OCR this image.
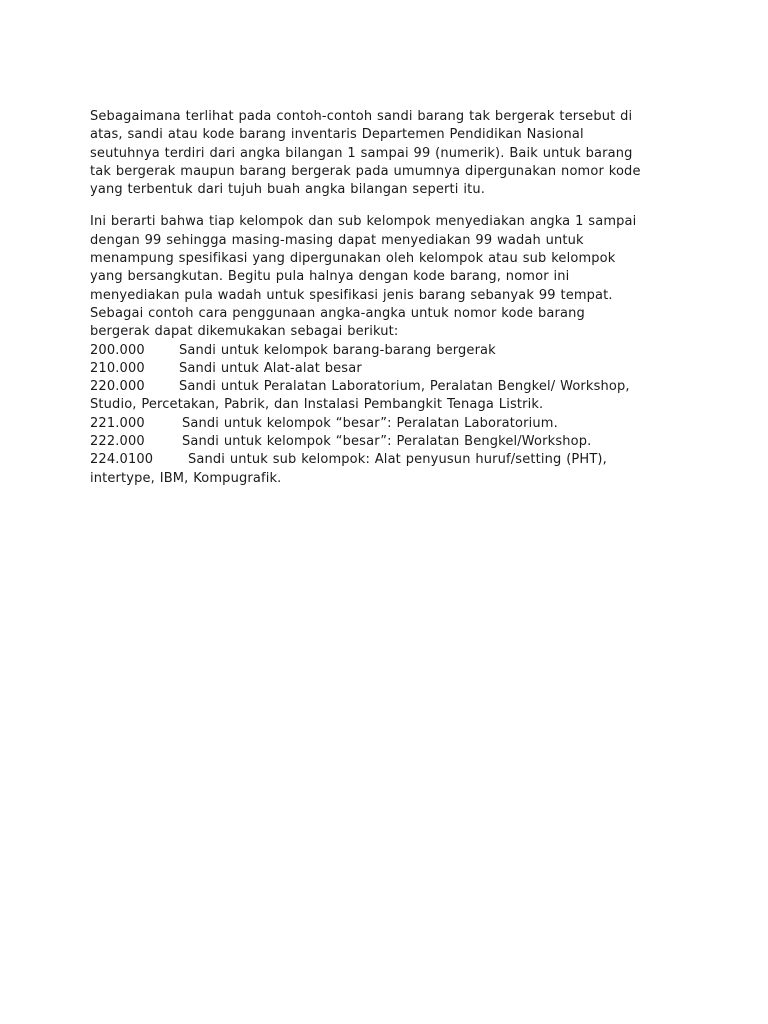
Sebagaimana terlihat pada contoh-contoh sandi barang tak bergerak tersebut di
atas, sandi atau kode barang inventaris Departemen Pendidikan Nasional
seutuhnya terdiri dari angka bilangan 1 sampai 99 (numerik). Baik untuk barang
tak bergerak maupun barang bergerak pada umumnya dipergunakan nomor kode
yang terbentuk dari tujuh buah angka bilangan seperti itu.

Ini berarti bahwa tiap kelompok dan sub kelompok menyediakan angka 1 sampai
dengan 99 sehingga masing-masing dapat menyediakan 99 wadah untuk
menampung spesifikasi yang dipergunakan oleh kelompok atau sub kelompok
yang bersangkutan. Begitu pula halnya dengan kode barang, nomor ini
menyediakan pula wadah untuk spesifikasi jenis barang sebanyak 99 tempat.
Sebagai contoh cara penggunaan angka-angka untuk nomor kode barang
bergerak dapat dikemukakan sebagai berikut:
200.000	Sandi untuk kelompok barang-barang bergerak
210.000	Sandi untuk Alat-alat besar
220.000	Sandi untuk Peralatan Laboratorium, Peralatan Bengkel/ Workshop,
Studio, Percetakan, Pabrik, dan Instalasi Pembangkit Tenaga Listrik.
221.000	Sandi untuk kelompok “besar”: Peralatan Laboratorium.
222.000	Sandi untuk kelompok “besar”: Peralatan Bengkel/Workshop.
224.0100	Sandi untuk sub kelompok: Alat penyusun huruf/setting (PHT),
intertype, IBM, Kompugrafik.
